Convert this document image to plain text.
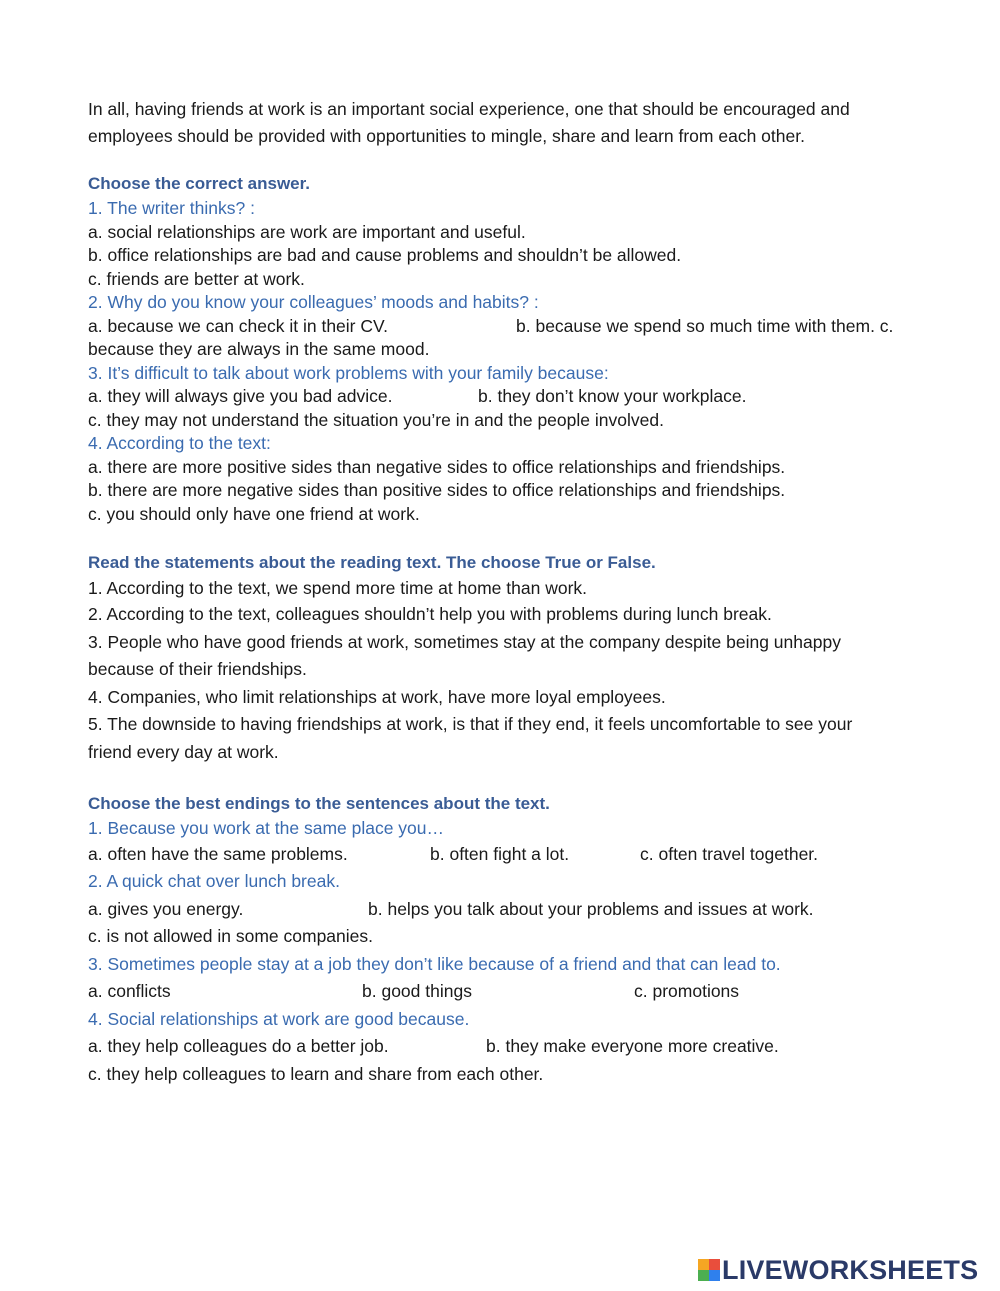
In all, having friends at work is an important social experience, one that should be encouraged and employees should be provided with opportunities to mingle, share and learn from each other.

Choose the correct answer.
1. The writer thinks? :
a. social relationships are work are important and useful.
b. office relationships are bad and cause problems and shouldn’t be allowed.
c. friends are better at work.
2. Why do you know your colleagues’ moods and habits? :
a. because we can check it in their CV.	b. because we spend so much time with them. c.
because they are always in the same mood.
3. It’s difficult to talk about work problems with your family because:
a. they will always give you bad advice.	b. they don’t know your workplace.
c. they may not understand the situation you’re in and the people involved.
4. According to the text:
a. there are more positive sides than negative sides to office relationships and friendships.
b. there are more negative sides than positive sides to office relationships and friendships.
c. you should only have one friend at work.
Read the statements about the reading text. The choose True or False.
1. According to the text, we spend more time at home than work.
2. According to the text, colleagues shouldn’t help you with problems during lunch break.
3. People who have good friends at work, sometimes stay at the company despite being unhappy
because of their friendships.
4. Companies, who limit relationships at work, have more loyal employees.
5. The downside to having friendships at work, is that if they end, it feels uncomfortable to see your
friend every day at work.
Choose the best endings to the sentences about the text.
1. Because you work at the same place you…
a. often have the same problems.	b. often fight a lot.	c. often travel together.
2. A quick chat over lunch break.
a. gives you energy.	b. helps you talk about your problems and issues at work.
c. is not allowed in some companies.
3. Sometimes people stay at a job they don’t like because of a friend and that can lead to.
a. conflicts	b. good things	c. promotions
4. Social relationships at work are good because.
a. they help colleagues do a better job.	b. they make everyone more creative.
c. they help colleagues to learn and share from each other.
LIVEWORKSHEETS
